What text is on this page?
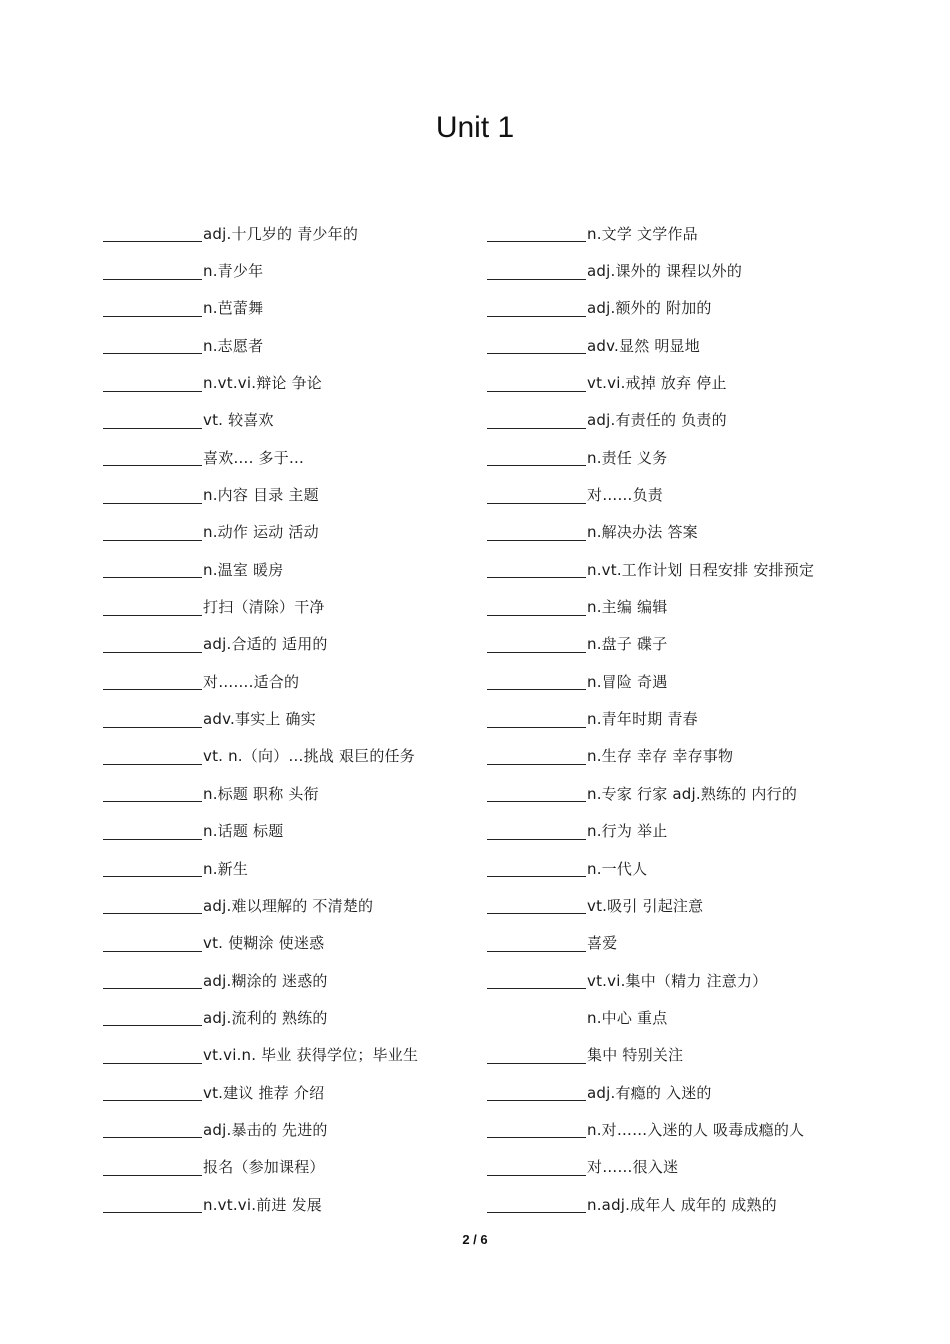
Unit 1
adj.十几岁的 青少年的
n.青少年
n.芭蕾舞
n.志愿者
n.vt.vi.辩论 争论
vt. 较喜欢
喜欢…. 多于…
n.内容 目录 主题
n.动作 运动 活动
n.温室 暖房
打扫（清除）干净
adj.合适的 适用的
对…….适合的
adv.事实上 确实
vt. n.（向）…挑战 艰巨的任务
n.标题 职称 头衔
n.话题 标题
n.新生
adj.难以理解的 不清楚的
vt. 使糊涂 使迷惑
adj.糊涂的 迷惑的
adj.流利的 熟练的
vt.vi.n. 毕业 获得学位；毕业生
vt.建议 推荐 介绍
adj.暴击的 先进的
报名（参加课程）
n.vt.vi.前进 发展
n.文学 文学作品
adj.课外的 课程以外的
adj.额外的 附加的
adv.显然 明显地
vt.vi.戒掉 放弃 停止
adj.有责任的 负责的
n.责任 义务
对……负责
n.解决办法 答案
n.vt.工作计划 日程安排 安排预定
n.主编 编辑
n.盘子 碟子
n.冒险 奇遇
n.青年时期 青春
n.生存 幸存 幸存事物
n.专家 行家 adj.熟练的 内行的
n.行为 举止
n.一代人
vt.吸引 引起注意
喜爱
vt.vi.集中（精力 注意力）
n.中心 重点
集中 特别关注
adj.有瘾的 入迷的
n.对……入迷的人 吸毒成瘾的人
对……很入迷
n.adj.成年人 成年的 成熟的
2 / 6
